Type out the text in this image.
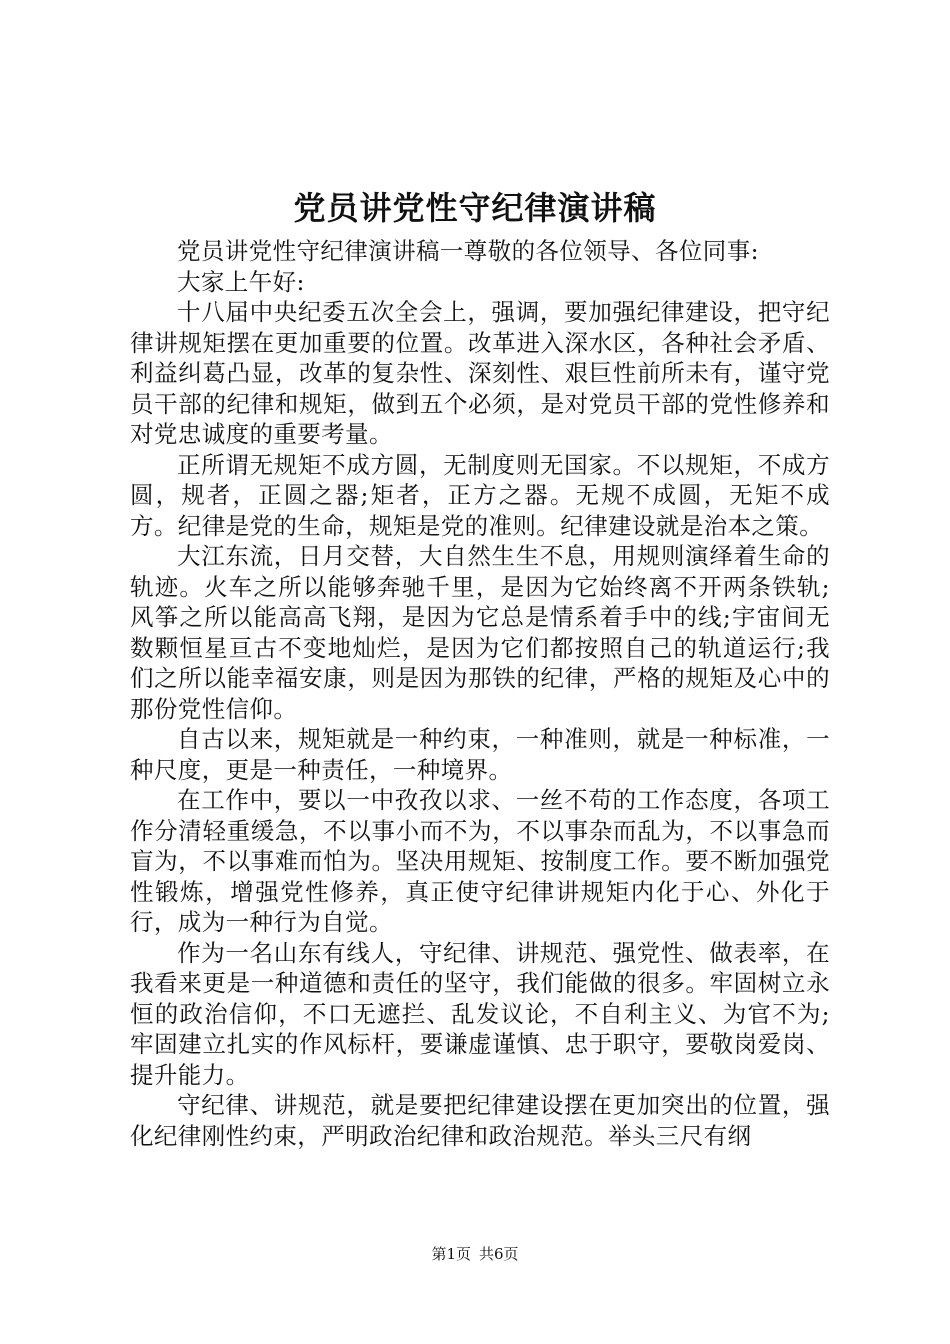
党员讲党性守纪律演讲稿

党员讲党性守纪律演讲稿一尊敬的各位领导、各位同事:

大家上午好:

十八届中央纪委五次全会上，强调，要加强纪律建设，把守纪律讲规矩摆在更加重要的位置。改革进入深水区，各种社会矛盾、利益纠葛凸显，改革的复杂性、深刻性、艰巨性前所未有，谨守党员干部的纪律和规矩，做到五个必须，是对党员干部的党性修养和对党忠诚度的重要考量。

正所谓无规矩不成方圆，无制度则无国家。不以规矩，不成方圆，规者，正圆之器;矩者，正方之器。无规不成圆，无矩不成方。纪律是党的生命，规矩是党的准则。纪律建设就是治本之策。

大江东流，日月交替，大自然生生不息，用规则演绎着生命的轨迹。火车之所以能够奔驰千里，是因为它始终离不开两条铁轨;风筝之所以能高高飞翔，是因为它总是情系着手中的线;宇宙间无数颗恒星亘古不变地灿烂，是因为它们都按照自己的轨道运行;我们之所以能幸福安康，则是因为那铁的纪律，严格的规矩及心中的那份党性信仰。

自古以来，规矩就是一种约束，一种准则，就是一种标准，一种尺度，更是一种责任，一种境界。

在工作中，要以一中孜孜以求、一丝不苟的工作态度，各项工作分清轻重缓急，不以事小而不为，不以事杂而乱为，不以事急而盲为，不以事难而怕为。坚决用规矩、按制度工作。要不断加强党性锻炼，增强党性修养，真正使守纪律讲规矩内化于心、外化于行，成为一种行为自觉。

作为一名山东有线人，守纪律、讲规范、强党性、做表率，在我看来更是一种道德和责任的坚守，我们能做的很多。牢固树立永恒的政治信仰，不口无遮拦、乱发议论，不自利主义、为官不为;牢固建立扎实的作风标杆，要谦虚谨慎、忠于职守，要敬岗爱岗、提升能力。

守纪律、讲规范，就是要把纪律建设摆在更加突出的位置，强化纪律刚性约束，严明政治纪律和政治规范。举头三尺有纲

第1页 共6页
